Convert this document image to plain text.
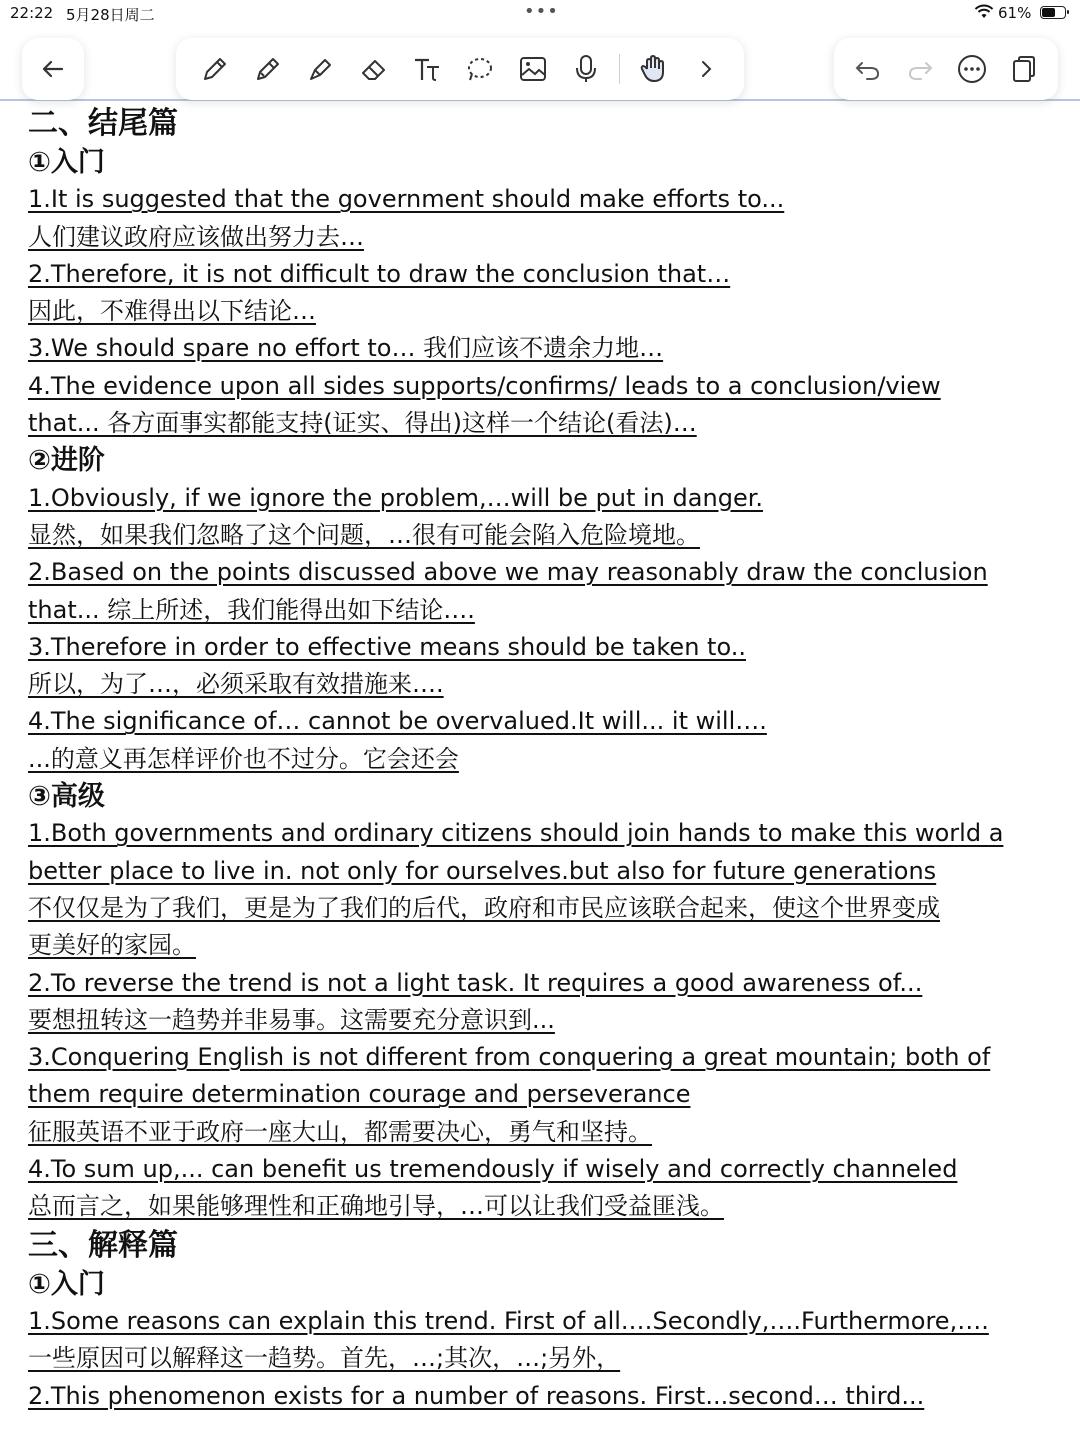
22:22 5月28日周二	•••	61%
二、结尾篇
①入门
1.It is suggested that the government should make efforts to...
人们建议政府应该做出努力去…
2.Therefore, it is not difficult to draw the conclusion that…
因此，不难得出以下结论…
3.We should spare no effort to… 我们应该不遗余力地…
4.The evidence upon all sides supports/confirms/ leads to a conclusion/view
that... 各方面事实都能支持(证实、得出)这样一个结论(看法)…
②进阶
1.Obviously, if we ignore the problem,…will be put in danger.
显然，如果我们忽略了这个问题，…很有可能会陷入危险境地。
2.Based on the points discussed above we may reasonably draw the conclusion
that... 综上所述，我们能得出如下结论….
3.Therefore in order to effective means should be taken to..
所以，为了…，必须采取有效措施来….
4.The significance of… cannot be overvalued.It will... it will….
...的意义再怎样评价也不过分。它会还会
③高级
1.Both governments and ordinary citizens should join hands to make this world a
better place to live in. not only for ourselves.but also for future generations
不仅仅是为了我们，更是为了我们的后代，政府和市民应该联合起来，使这个世界变成
更美好的家园。
2.To reverse the trend is not a light task. It requires a good awareness of...
要想扭转这一趋势并非易事。这需要充分意识到...
3.Conquering English is not different from conquering a great mountain; both of
them require determination courage and perseverance
征服英语不亚于政府一座大山，都需要决心，勇气和坚持。
4.To sum up,... can benefit us tremendously if wisely and correctly channeled
总而言之，如果能够理性和正确地引导，…可以让我们受益匪浅。
三、解释篇
①入门
1.Some reasons can explain this trend. First of all.…Secondly,….Furthermore,….
一些原因可以解释这一趋势。首先，…;其次，…;另外，
2.This phenomenon exists for a number of reasons. First...second… third...
